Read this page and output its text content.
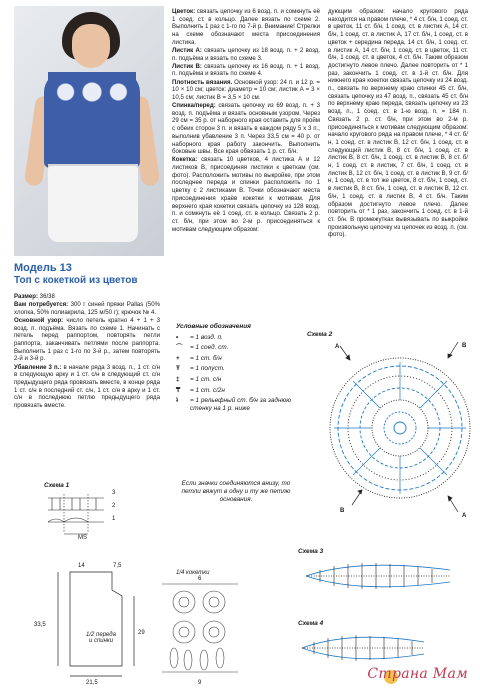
Модель 13
Топ с кокеткой из цветов

Размер: 36/38

Вам потребуется: 300 г синей пряжи Pallas (50% хлопка, 50% полиакрила, 125 м/50 г); крючок № 4.

Основной узор: число петель кратно 4 + 1 + 3 возд. п. подъёма. Вязать по схеме 1. Начинать с петель перед раппортом, повторять петли раппорта, заканчивать петлями после раппорта. Выполнить 1 раз с 1-го по 3-й р., затем повторять 2-й и 3-й р.

Убавление 3 п.: в начале ряда 3 возд. п., 1 ст. с/н в следующую арку и 1 ст. с/н в следующий ст. с/н предыдущего ряда провязать вместе, в конце ряда 1 ст. с/н в последний ст. с/н, 1 ст. с/н в арку и 1 ст. с/н в последнюю петлю предыдущего ряда провязать вместе.

Цветок: связать цепочку из 6 возд. п. и сомкнуть её 1 соед. ст. в кольцо. Далее вязать по схеме 2. Выполнить 1 раз с 1-го по 7-й р. Внимание! Стрелки на схеме обозначают места присоединения листика.

Листик А: связать цепочку из 18 возд. п. + 2 возд. п. подъёма и вязать по схеме 3.

Листик В: связать цепочку из 16 возд. п. + 1 возд. п. подъёма и вязать по схеме 4.

Плотность вязания. Основной узор: 24 п. и 12 р. = 10 × 10 см; цветок: диаметр = 10 см; листик А = 3 × 10,5 см; листик В = 3,5 × 10 см.

Спинка/перед: связать цепочку из 69 возд. п. + 3 возд. п. подъёма и вязать основным узором. Через 29 см = 35 р. от наборного края оставить для пройм с обеих сторон 3 п. и вязать в каждом ряду 5 х 3 п., выполнив убавление 3 п. Через 33,5 см = 40 р. от наборного края работу закончить. Выполнить боковые швы. Все края обвязать 1 р. ст. б/н.

Кокетка: связать 10 цветков, 4 листика А и 12 листиков В, присоединяя листики к цветкам (см. фото). Расположить мотивы по выкройке, при этом последнее переда и спинки расположить по 1 цветку с 2 листиками В. Точки обозначают места присоединения краёв кокетки к мотивам. Для верхнего края кокетки связать цепочку из 128 возд. п. и сомкнуть её 1 соед. ст. в кольцо. Связать 2 р. ст. б/н, при этом во 2-м р. присоединяться к мотивам следующим образом:

дующим образом: начало кругового ряда находится на правом плече, * 4 ст. б/н, 1 соед. ст. в цветок, 11 ст. б/н, 1 соед. ст. в листик А, 14 ст. б/н, 1 соед. ст. в листик А, 17 ст. б/н, 1 соед. ст. в цветок + середина переда, 14 ст. б/н, 1 соед. ст. в листик А, 14 ст. б/н, 1 соед. ст. в цветок, 11 ст. б/н, 1 соед. ст. в цветок, 4 ст. б/н. Таким образом достигнуто левое плечо. Далее повторить от * 1 раз, закончить 1 соед. ст. в 1-й ст. б/н. Для нижнего края кокетки связать цепочку из 24 возд. п., связать по верхнему краю спинки 45 ст. б/н, связать цепочку из 47 возд. п., связать 45 ст. б/н по верхнему краю переда, связать цепочку из 23 возд. п., 1 соед. ст. в 1-ю возд. п. = 184 п. Связать 2 р. ст. б/н, при этом во 2-м р. присоединяться к мотивам следующим образом: начало кругового ряда на правом плече, * 4 ст. б/н, 1 соед. ст. в листик В, 12 ст. б/н, 1 соед. ст. в следующий листик В, 8 ст. б/н, 1 соед. ст. в листик В, 8 ст. б/н, 1 соед. ст. в листик В, 8 ст. б/н, 1 соед. ст. в листик, 7 ст. б/н, 1 соед. ст. в листик В, 12 ст. б/н, 1 соед. ст. в листик В, 9 ст. б/н, 1 соед. ст. в тот же цветок, 8 ст. б/н, 1 соед. ст. в листик В, 8 ст. б/н, 1 соед. ст. в листик В, 12 ст. б/н, 1 соед. ст. в листик В, 4 ст. б/н. Таким образом достигнуто левое плечо. Далее повторить от * 1 раз, закончить 1 соед. ст. в 1-й ст. б/н. В промежутках вывязывать по выкройке произвольную цепочку из цепочек из возд. п. (см. фото).

Условные обозначения
•	= 1 возд. п.
⌒	= 1 соед. ст.
+	= 1 ст. б/н
Ŧ	= 1 полуст.
‡	= 1 ст. с/н
₸	= 1 ст. с/2н
ʇ	= 1 рельефный ст. б/н за заднюю стенку на 1 р. ниже
Если значки соединяются внизу, то петли вяжут в одну и ту же петлю основания.
Схема 1
3
2
1
MS
14	7,5
1/2 переда и спинки
33,5
29
21,5
1/4 кокетки
6
9
Схема 2
A
B
B
A
Схема 3
Схема 4
Страна Мам
